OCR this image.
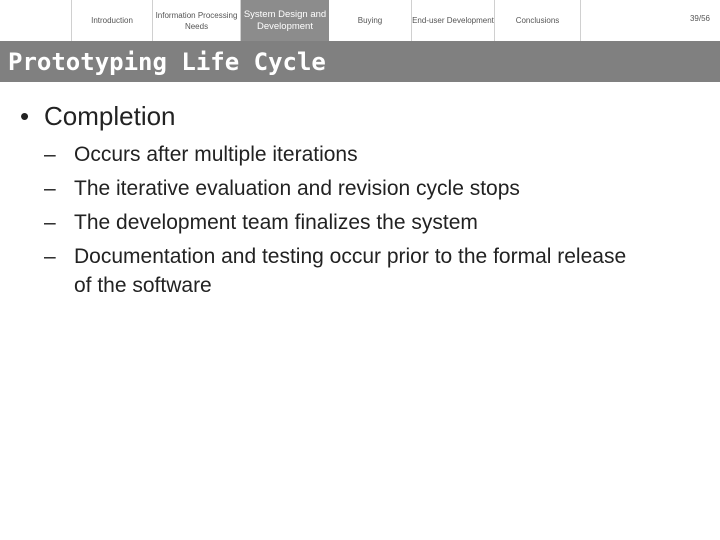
Introduction
Information Processing Needs
System Design and Development	Buying	End-user Development	Conclusions	39/56
Prototyping Life Cycle
• Completion
– Occurs after multiple iterations
– The iterative evaluation and revision cycle stops
– The development team finalizes the system
– Documentation and testing occur prior to the formal release of the software
